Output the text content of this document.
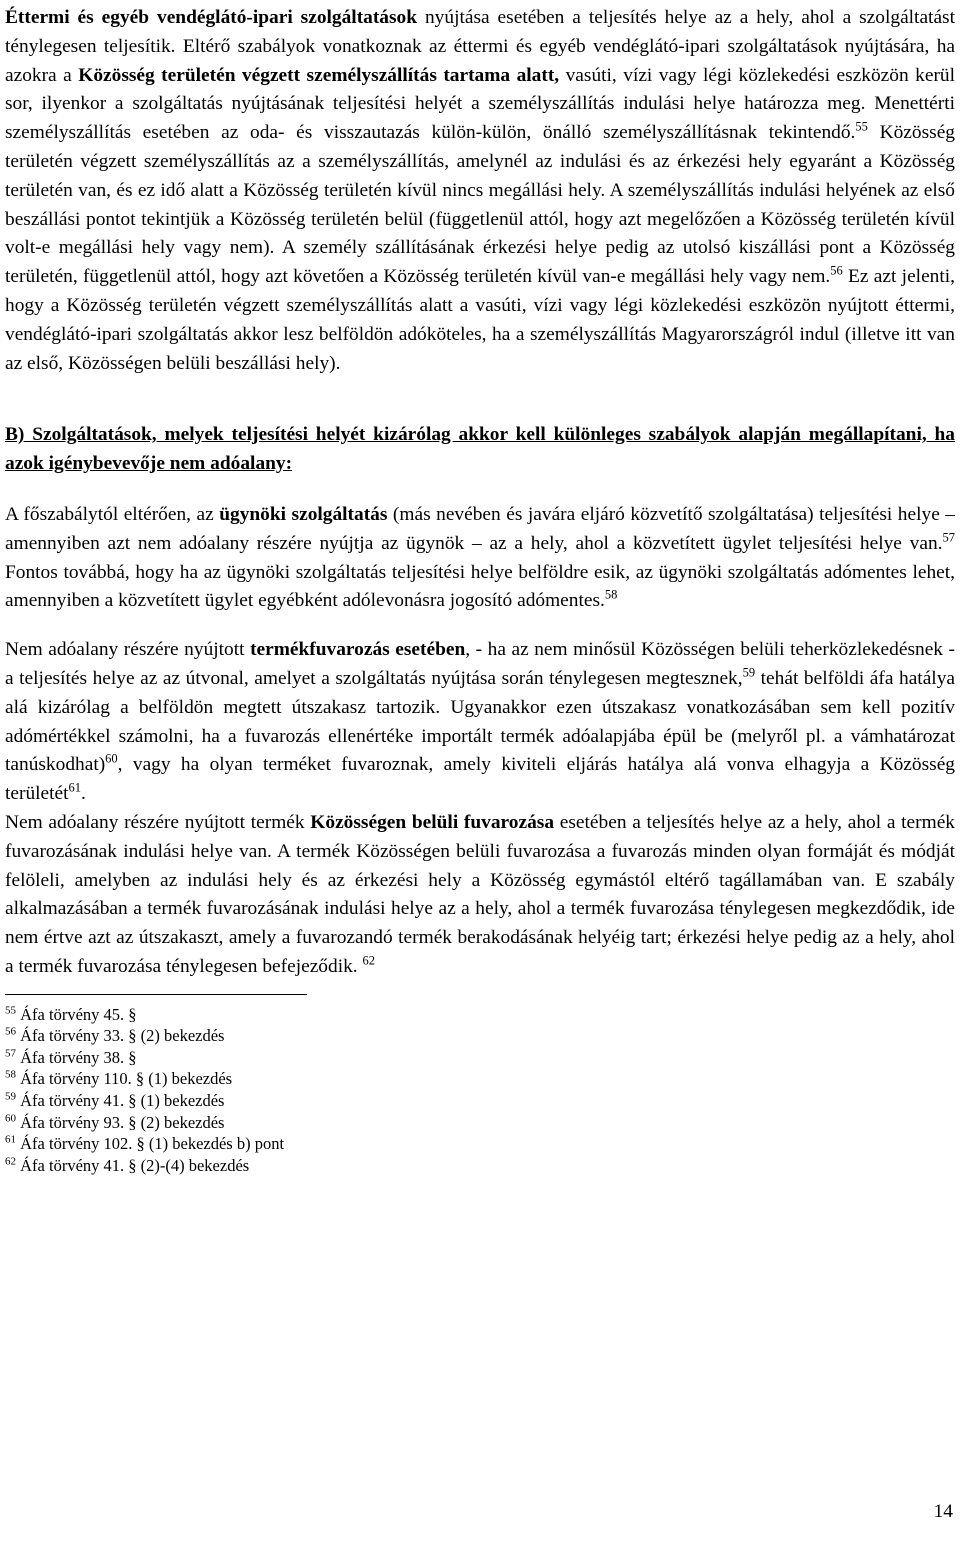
Éttermi és egyéb vendéglátó-ipari szolgáltatások nyújtása esetében a teljesítés helye az a hely, ahol a szolgáltatást ténylegesen teljesítik. Eltérő szabályok vonatkoznak az éttermi és egyéb vendéglátó-ipari szolgáltatások nyújtására, ha azokra a Közösség területén végzett személyszállítás tartama alatt, vasúti, vízi vagy légi közlekedési eszközön kerül sor, ilyenkor a szolgáltatás nyújtásának teljesítési helyét a személyszállítás indulási helye határozza meg. Menettérti személyszállítás esetében az oda- és visszautazás külön-külön, önálló személyszállításnak tekintendő.$^{55}$ Közösség területén végzett személyszállítás az a személyszállítás, amelynél az indulási és az érkezési hely egyaránt a Közösség területén van, és ez idő alatt a Közösség területén kívül nincs megállási hely. A személyszállítás indulási helyének az első beszállási pontot tekintjük a Közösség területén belül (függetlenül attól, hogy azt megelőzően a Közösség területén kívül volt-e megállási hely vagy nem). A személy szállításának érkezési helye pedig az utolsó kiszállási pont a Közösség területén, függetlenül attól, hogy azt követően a Közösség területén kívül van-e megállási hely vagy nem.$^{56}$ Ez azt jelenti, hogy a Közösség területén végzett személyszállítás alatt a vasúti, vízi vagy légi közlekedési eszközön nyújtott éttermi, vendéglátó-ipari szolgáltatás akkor lesz belföldön adóköteles, ha a személyszállítás Magyarországról indul (illetve itt van az első, Közösségen belüli beszállási hely).

B) Szolgáltatások, melyek teljesítési helyét kizárólag akkor kell különleges szabályok alapján megállapítani, ha azok igénybevevője nem adóalany:

A főszabálytól eltérően, az ügynöki szolgáltatás (más nevében és javára eljáró közvetítő szolgáltatása) teljesítési helye – amennyiben azt nem adóalany részére nyújtja az ügynök – az a hely, ahol a közvetített ügylet teljesítési helye van.$^{57}$ Fontos továbbá, hogy ha az ügynöki szolgáltatás teljesítési helye belföldre esik, az ügynöki szolgáltatás adómentes lehet, amennyiben a közvetített ügylet egyébként adólevonásra jogosító adómentes.$^{58}$

Nem adóalany részére nyújtott termékfuvarozás esetében, - ha az nem minősül Közösségen belüli teherközlekedésnek - a teljesítés helye az az útvonal, amelyet a szolgáltatás nyújtása során ténylegesen megtesznek,$^{59}$ tehát belföldi áfa hatálya alá kizárólag a belföldön megtett útszakasz tartozik. Ugyanakkor ezen útszakasz vonatkozásában sem kell pozitív adómértékkel számolni, ha a fuvarozás ellenértéke importált termék adóalapjába épül be (melyről pl. a vámhatározat tanúskodhat)$^{60}$, vagy ha olyan terméket fuvaroznak, amely kiviteli eljárás hatálya alá vonva elhagyja a Közösség területét$^{61}$.

Nem adóalany részére nyújtott termék Közösségen belüli fuvarozása esetében a teljesítés helye az a hely, ahol a termék fuvarozásának indulási helye van. A termék Közösségen belüli fuvarozása a fuvarozás minden olyan formáját és módját felöleli, amelyben az indulási hely és az érkezési hely a Közösség egymástól eltérő tagállamában van. E szabály alkalmazásában a termék fuvarozásának indulási helye az a hely, ahol a termék fuvarozása ténylegesen megkezdődik, ide nem értve azt az útszakaszt, amely a fuvarozandó termék berakodásának helyéig tart; érkezési helye pedig az a hely, ahol a termék fuvarozása ténylegesen befejeződik. $^{62}$

$^{55}$ Áfa törvény 45. §

$^{56}$ Áfa törvény 33. § (2) bekezdés

$^{57}$ Áfa törvény 38. §

$^{58}$ Áfa törvény 110. § (1) bekezdés

$^{59}$ Áfa törvény 41. § (1) bekezdés

$^{60}$ Áfa törvény 93. § (2) bekezdés

$^{61}$ Áfa törvény 102. § (1) bekezdés b) pont

$^{62}$ Áfa törvény 41. § (2)-(4) bekezdés

14
